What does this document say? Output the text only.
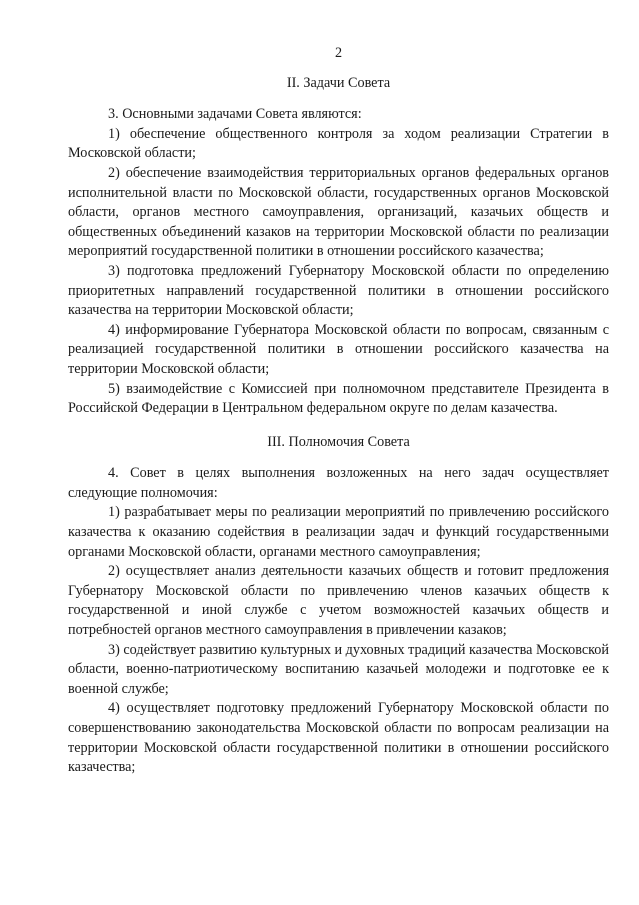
2
II. Задачи Совета

3. Основными задачами Совета являются:

1) обеспечение общественного контроля за ходом реализации Стратегии в Московской области;

2) обеспечение взаимодействия территориальных органов федеральных органов исполнительной власти по Московской области, государственных органов Московской области, органов местного самоуправления, организаций, казачьих обществ и общественных объединений казаков на территории Московской области по реализации мероприятий государственной политики в отношении российского казачества;

3) подготовка предложений Губернатору Московской области по определению приоритетных направлений государственной политики в отношении российского казачества на территории Московской области;

4) информирование Губернатора Московской области по вопросам, связанным с реализацией государственной политики в отношении российского казачества на территории Московской области;

5) взаимодействие с Комиссией при полномочном представителе Президента в Российской Федерации в Центральном федеральном округе по делам казачества.

III. Полномочия Совета

4. Совет в целях выполнения возложенных на него задач осуществляет следующие полномочия:

1) разрабатывает меры по реализации мероприятий по привлечению российского казачества к оказанию содействия в реализации задач и функций государственными органами Московской области, органами местного самоуправления;

2) осуществляет анализ деятельности казачьих обществ и готовит предложения Губернатору Московской области по привлечению членов казачьих обществ к государственной и иной службе с учетом возможностей казачьих обществ и потребностей органов местного самоуправления в привлечении казаков;

3) содействует развитию культурных и духовных традиций казачества Московской области, военно-патриотическому воспитанию казачьей молодежи и подготовке ее к военной службе;

4) осуществляет подготовку предложений Губернатору Московской области по совершенствованию законодательства Московской области по вопросам реализации на территории Московской области государственной политики в отношении российского казачества;
